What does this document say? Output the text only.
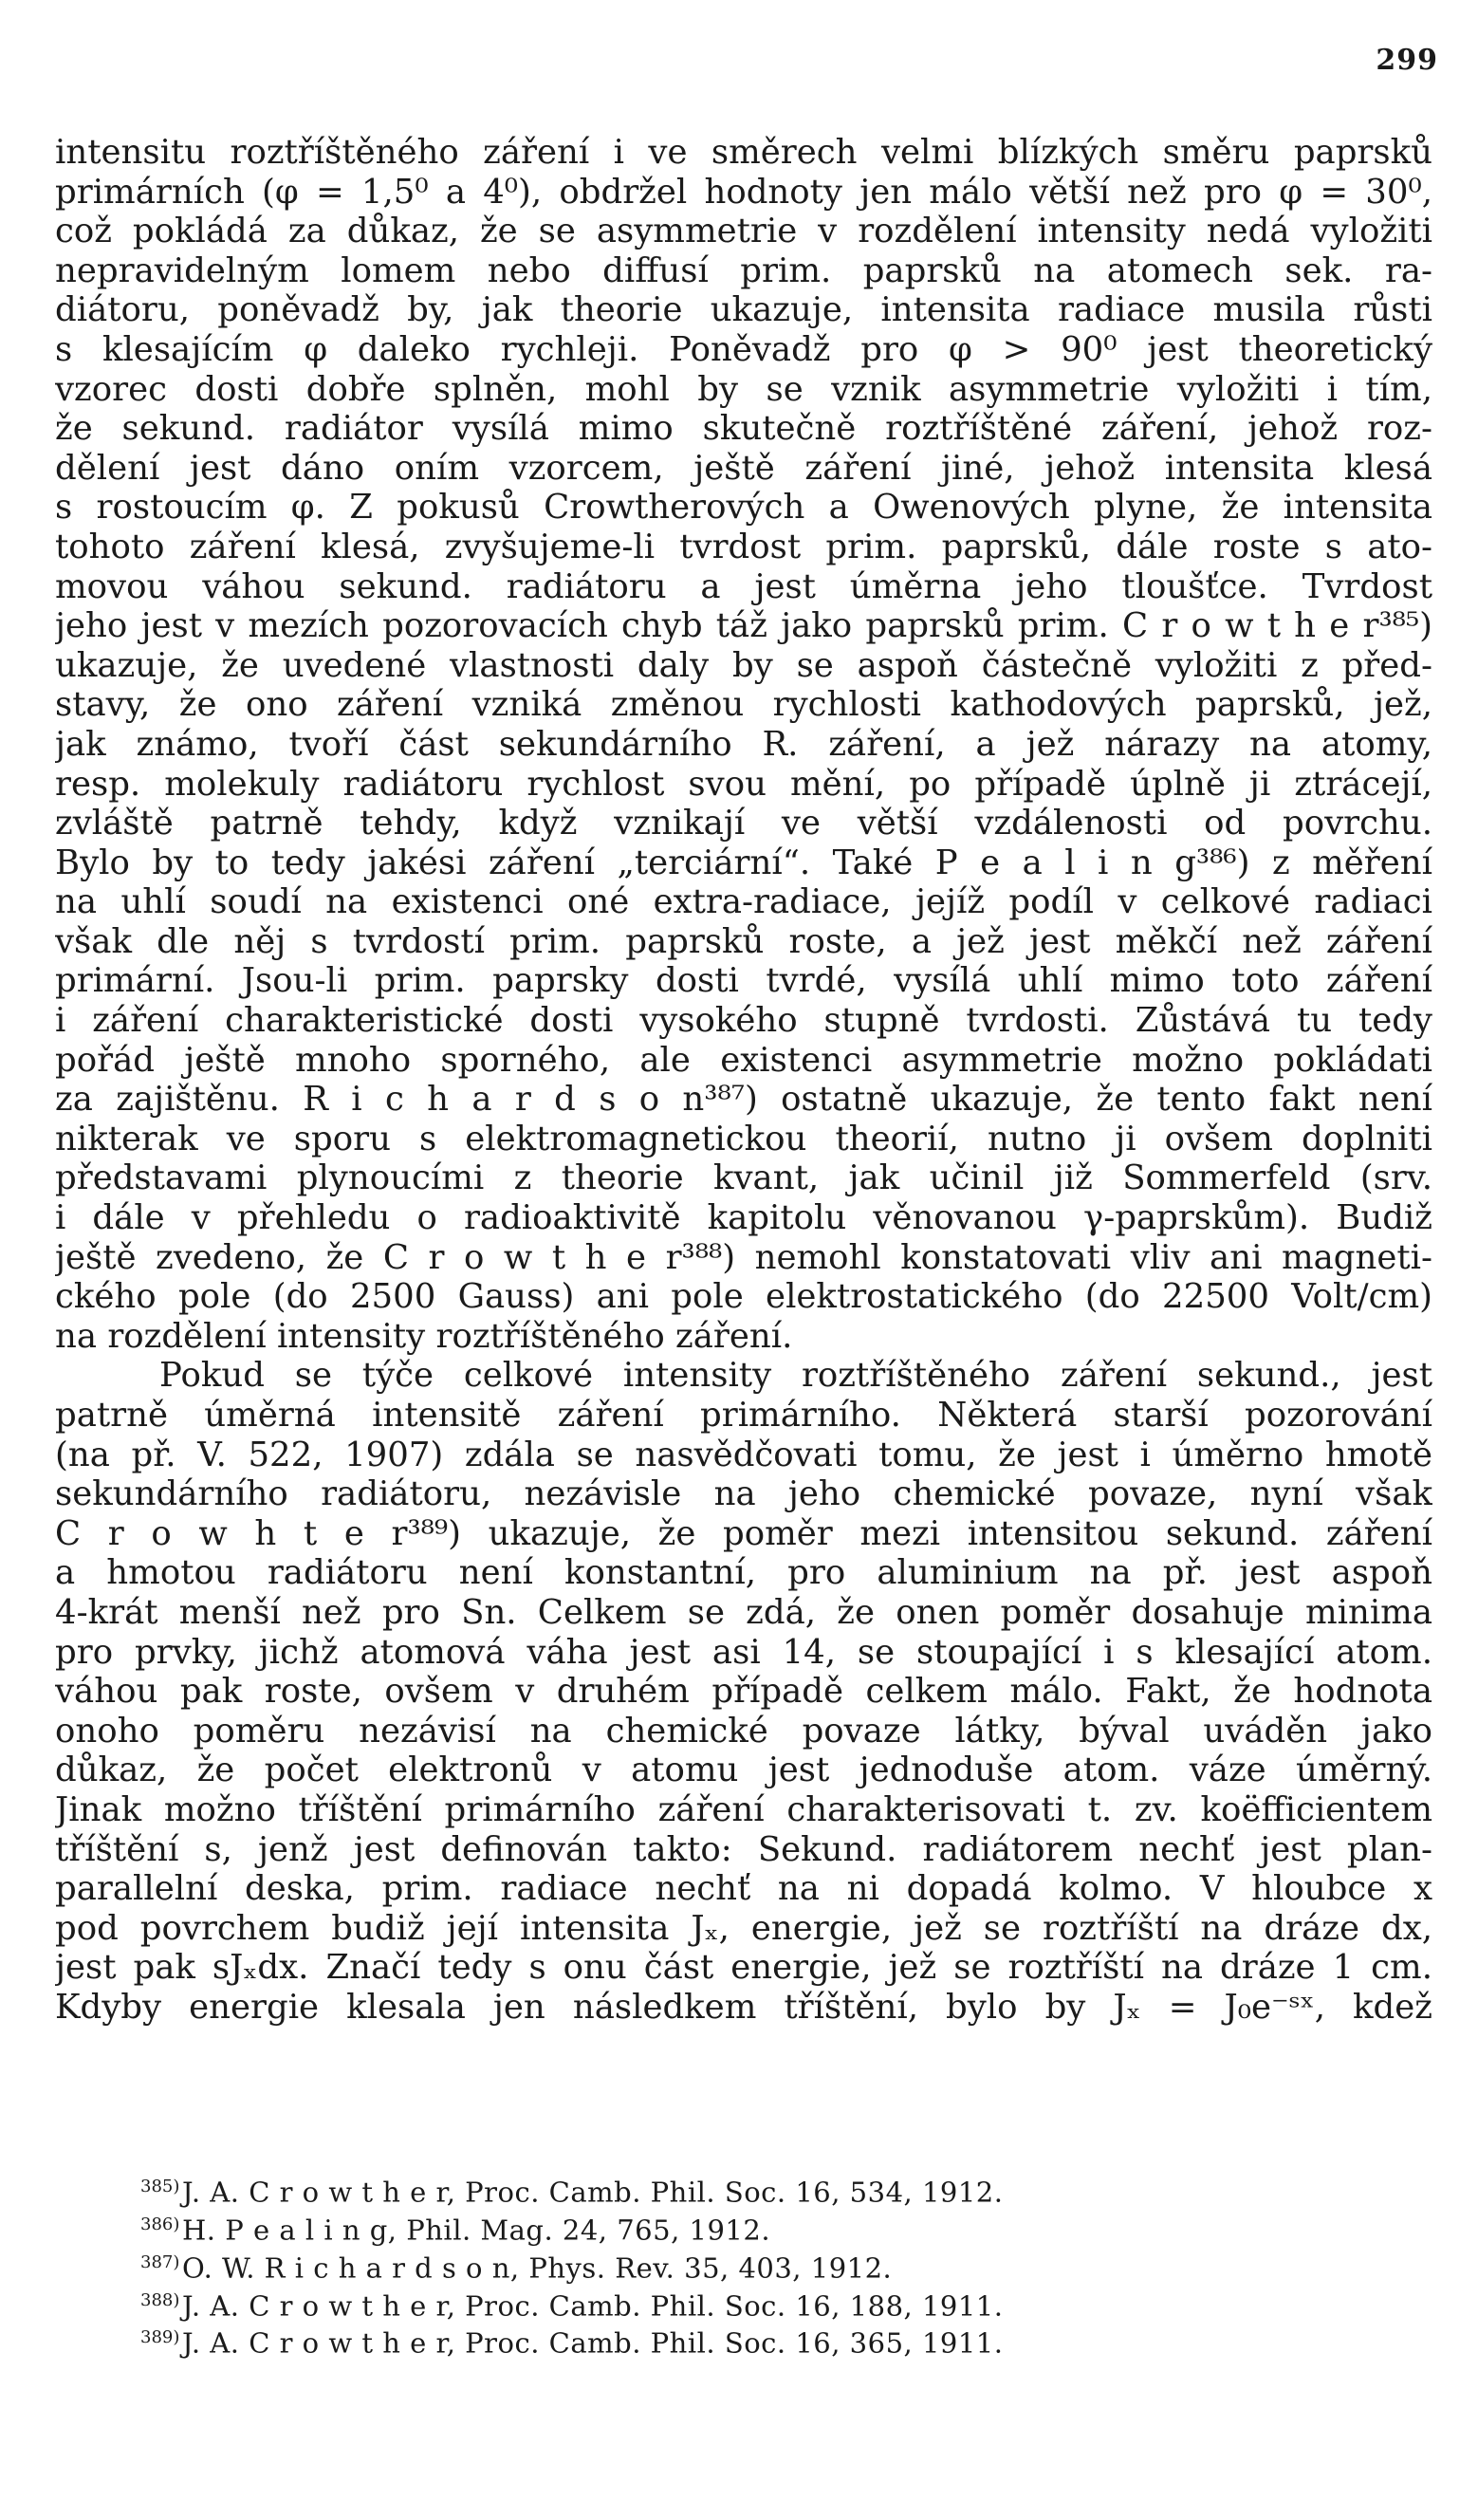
299
intensitu roztříštěného záření i ve směrech velmi blízkých směru paprsků
primárních (φ = 1,5⁰ a 4⁰), obdržel hodnoty jen málo větší než pro φ = 30⁰,
což pokládá za důkaz, že se asymmetrie v rozdělení intensity nedá vyložiti
nepravidelným lomem nebo diffusí prim. paprsků na atomech sek. ra-
diátoru, poněvadž by, jak theorie ukazuje, intensita radiace musila růsti
s klesajícím φ daleko rychleji. Poněvadž pro φ > 90⁰ jest theoretický
vzorec dosti dobře splněn, mohl by se vznik asymmetrie vyložiti i tím,
že sekund. radiátor vysílá mimo skutečně roztříštěné záření, jehož roz-
dělení jest dáno oním vzorcem, ještě záření jiné, jehož intensita klesá
s rostoucím φ. Z pokusů Crowtherových a Owenových plyne, že intensita
tohoto záření klesá, zvyšujeme-li tvrdost prim. paprsků, dále roste s ato-
movou váhou sekund. radiátoru a jest úměrna jeho tloušťce. Tvrdost
jeho jest v mezích pozorovacích chyb táž jako paprsků prim. C r o w t h e r³⁸⁵)
ukazuje, že uvedené vlastnosti daly by se aspoň částečně vyložiti z před-
stavy, že ono záření vzniká změnou rychlosti kathodových paprsků, jež,
jak známo, tvoří část sekundárního R. záření, a jež nárazy na atomy,
resp. molekuly radiátoru rychlost svou mění, po případě úplně ji ztrácejí,
zvláště patrně tehdy, když vznikají ve větší vzdálenosti od povrchu.
Bylo by to tedy jakési záření „terciární“. Také P e a l i n g³⁸⁶) z měření
na uhlí soudí na existenci oné extra-radiace, jejíž podíl v celkové radiaci
však dle něj s tvrdostí prim. paprsků roste, a jež jest měkčí než záření
primární. Jsou-li prim. paprsky dosti tvrdé, vysílá uhlí mimo toto záření
i záření charakteristické dosti vysokého stupně tvrdosti. Zůstává tu tedy
pořád ještě mnoho sporného, ale existenci asymmetrie možno pokládati
za zajištěnu. R i c h a r d s o n³⁸⁷) ostatně ukazuje, že tento fakt není
nikterak ve sporu s elektromagnetickou theorií, nutno ji ovšem doplniti
představami plynoucími z theorie kvant, jak učinil již Sommerfeld (srv.
i dále v přehledu o radioaktivitě kapitolu věnovanou γ-paprskům). Budiž
ještě zvedeno, že C r o w t h e r³⁸⁸) nemohl konstatovati vliv ani magneti-
ckého pole (do 2500 Gauss) ani pole elektrostatického (do 22500 Volt/cm)
na rozdělení intensity roztříštěného záření.
Pokud se týče celkové intensity roztříštěného záření sekund., jest
patrně úměrná intensitě záření primárního. Některá starší pozorování
(na př. V. 522, 1907) zdála se nasvědčovati tomu, že jest i úměrno hmotě
sekundárního radiátoru, nezávisle na jeho chemické povaze, nyní však
C r o w h t e r³⁸⁹) ukazuje, že poměr mezi intensitou sekund. záření
a hmotou radiátoru není konstantní, pro aluminium na př. jest aspoň
4-krát menší než pro Sn. Celkem se zdá, že onen poměr dosahuje minima
pro prvky, jichž atomová váha jest asi 14, se stoupající i s klesající atom.
váhou pak roste, ovšem v druhém případě celkem málo. Fakt, že hodnota
onoho poměru nezávisí na chemické povaze látky, býval uváděn jako
důkaz, že počet elektronů v atomu jest jednoduše atom. váze úměrný.
Jinak možno tříštění primárního záření charakterisovati t. zv. koëfficientem
tříštění s, jenž jest definován takto: Sekund. radiátorem nechť jest plan-
parallelní deska, prim. radiace nechť na ni dopadá kolmo. V hloubce x
pod povrchem budiž její intensita Jₓ, energie, jež se roztříští na dráze dx,
jest pak sJₓdx. Značí tedy s onu část energie, jež se roztříští na dráze 1 cm.
Kdyby energie klesala jen následkem tříštění, bylo by Jₓ = J₀e⁻ˢˣ, kdež
385)J. A. C r o w t h e r, Proc. Camb. Phil. Soc. 16, 534, 1912.
386)H. P e a l i n g, Phil. Mag. 24, 765, 1912.
387)O. W. R i c h a r d s o n, Phys. Rev. 35, 403, 1912.
388)J. A. C r o w t h e r, Proc. Camb. Phil. Soc. 16, 188, 1911.
389)J. A. C r o w t h e r, Proc. Camb. Phil. Soc. 16, 365, 1911.
